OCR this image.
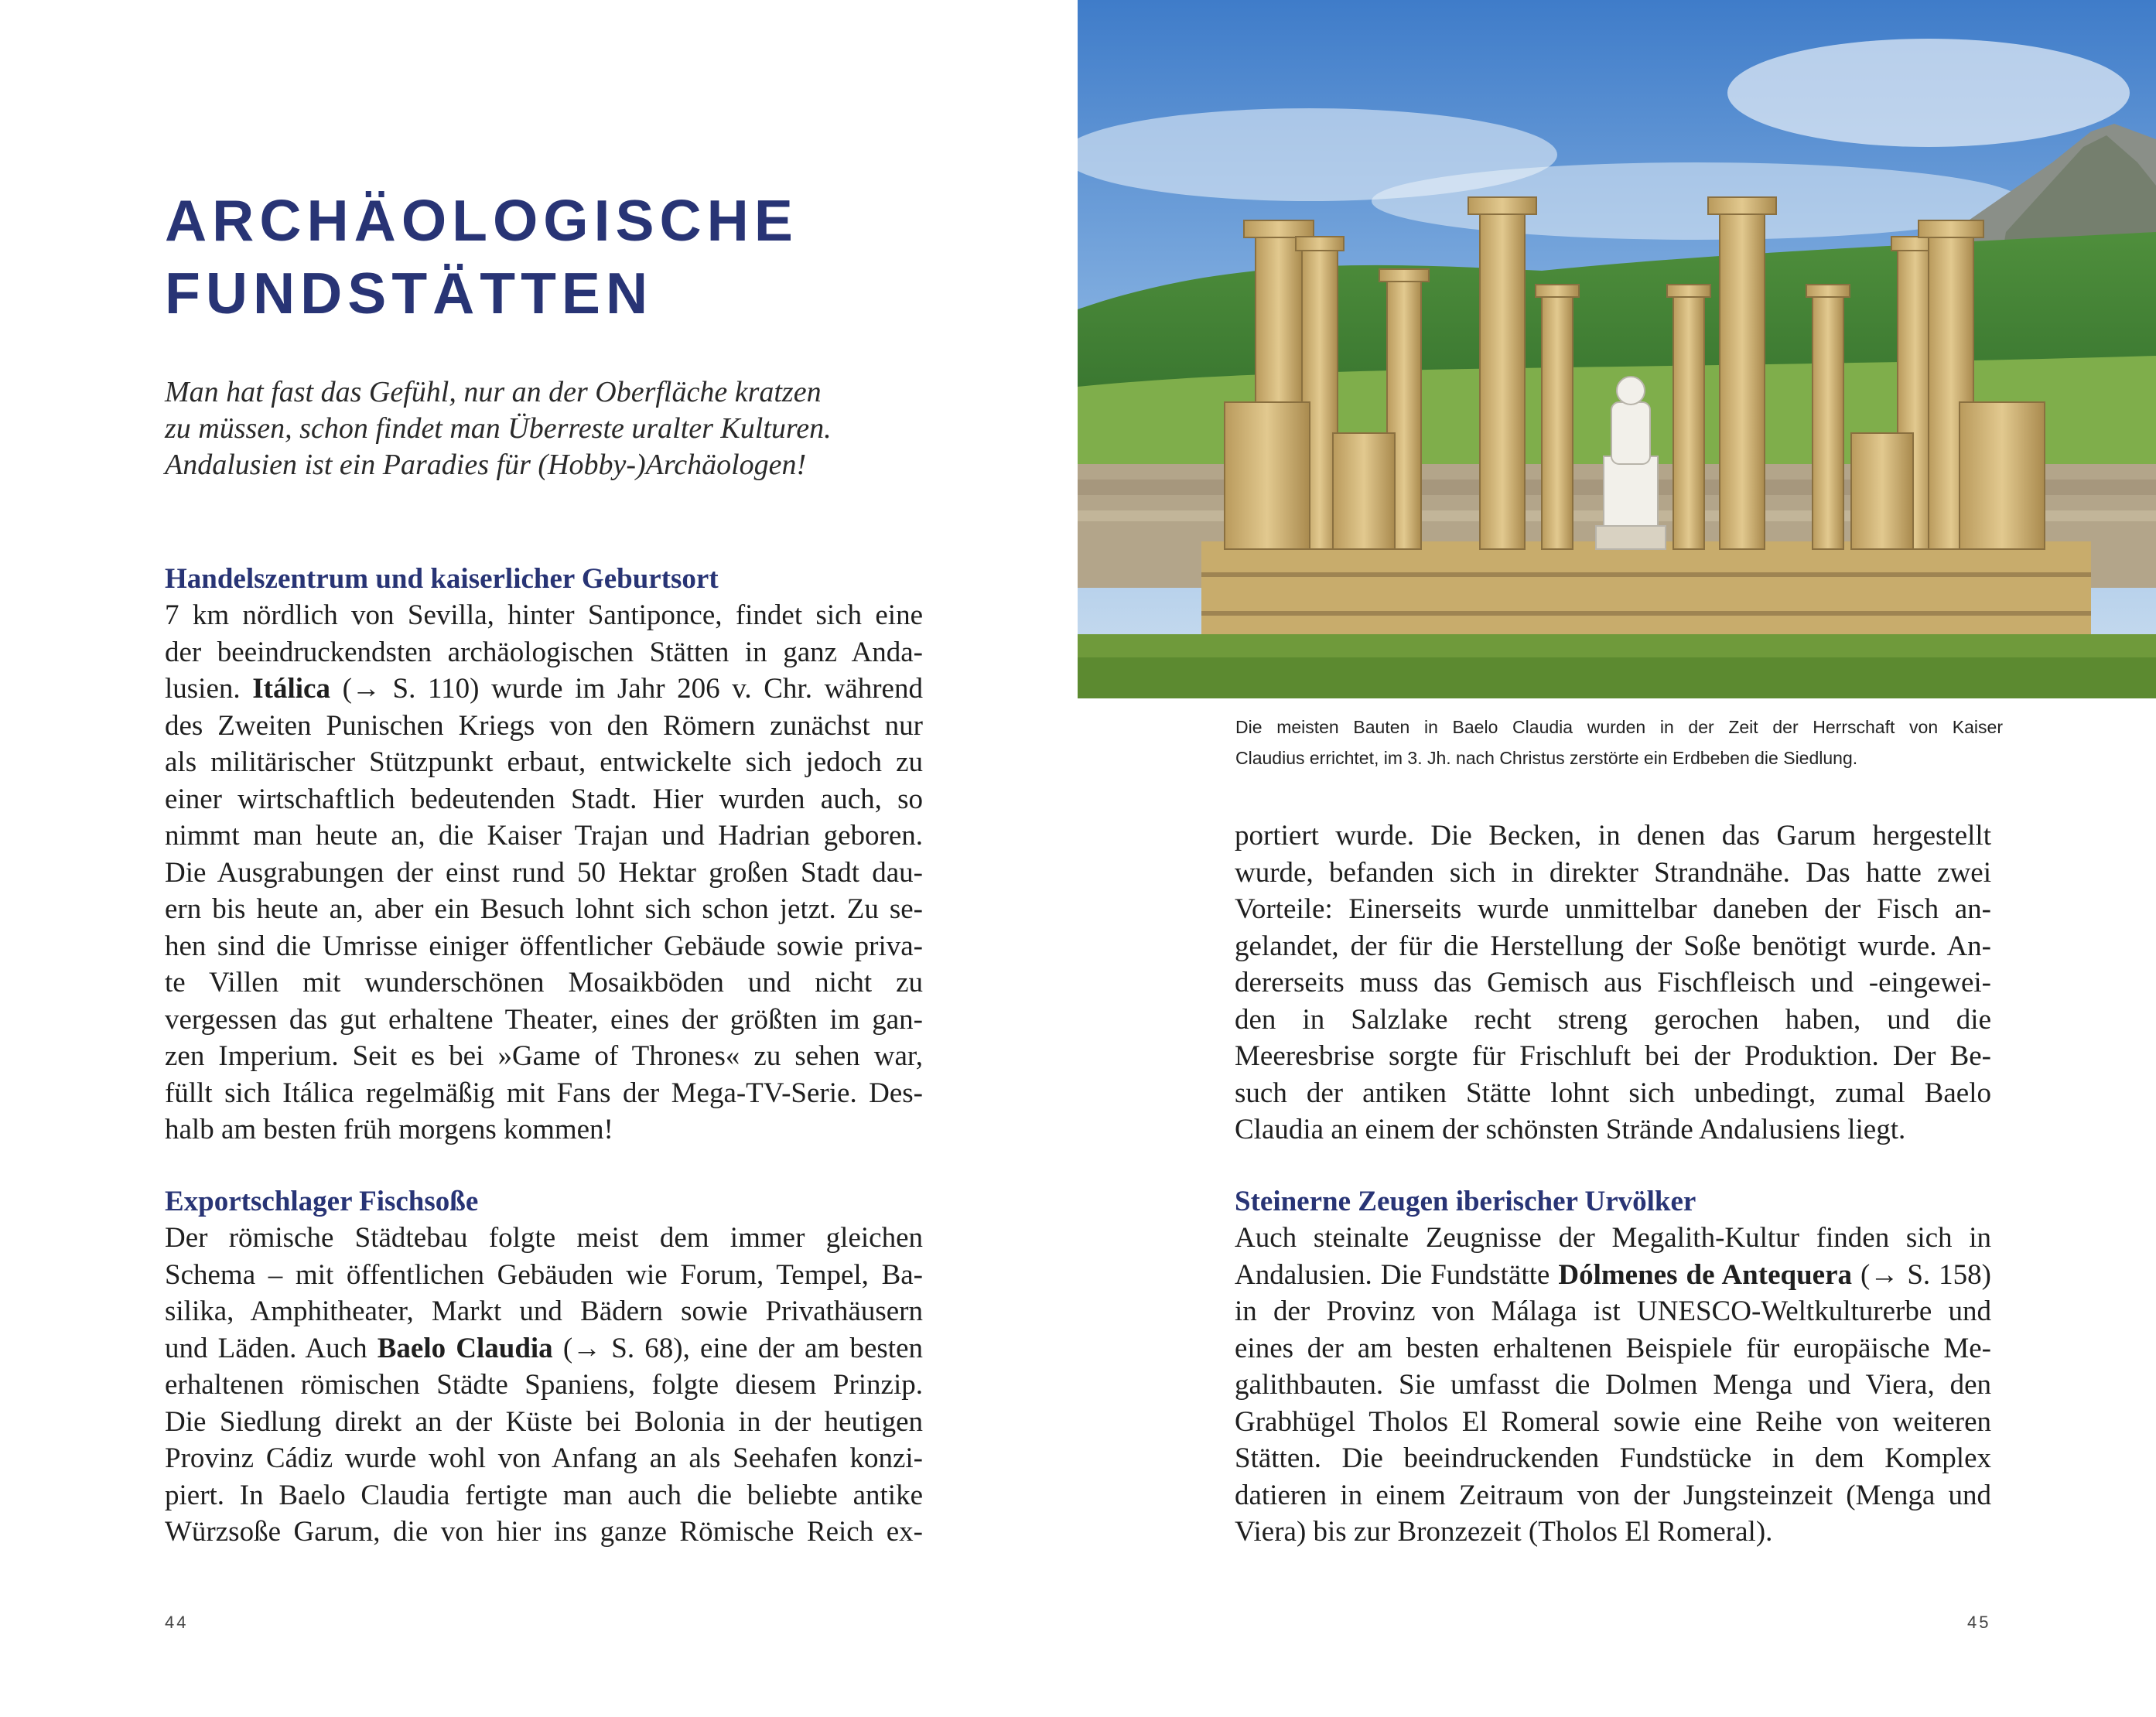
ARCHÄOLOGISCHE
FUNDSTÄTTEN
Man hat fast das Gefühl, nur an der Oberfläche kratzen
zu müssen, schon findet man Überreste uralter Kulturen.
Andalusien ist ein Paradies für (Hobby-)Archäologen!
Handelszentrum und kaiserlicher Geburtsort
7 km nördlich von Sevilla, hinter Santiponce, findet sich eine
der beeindruckendsten archäologischen Stätten in ganz Anda-
lusien. Itálica (→ S. 110) wurde im Jahr 206 v. Chr. während
des Zweiten Punischen Kriegs von den Römern zunächst nur
als militärischer Stützpunkt erbaut, entwickelte sich jedoch zu
einer wirtschaftlich bedeutenden Stadt. Hier wurden auch, so
nimmt man heute an, die Kaiser Trajan und Hadrian geboren.
Die Ausgrabungen der einst rund 50 Hektar großen Stadt dau-
ern bis heute an, aber ein Besuch lohnt sich schon jetzt. Zu se-
hen sind die Umrisse einiger öffentlicher Gebäude sowie priva-
te Villen mit wunderschönen Mosaikböden und nicht zu
vergessen das gut erhaltene Theater, eines der größten im gan-
zen Imperium. Seit es bei »Game of Thrones« zu sehen war,
füllt sich Itálica regelmäßig mit Fans der Mega-TV-Serie. Des-
halb am besten früh morgens kommen!
Exportschlager Fischsoße
Der römische Städtebau folgte meist dem immer gleichen
Schema – mit öffentlichen Gebäuden wie Forum, Tempel, Ba-
silika, Amphitheater, Markt und Bädern sowie Privathäusern
und Läden. Auch Baelo Claudia (→ S. 68), eine der am besten
erhaltenen römischen Städte Spaniens, folgte diesem Prinzip.
Die Siedlung direkt an der Küste bei Bolonia in der heutigen
Provinz Cádiz wurde wohl von Anfang an als Seehafen konzi-
piert. In Baelo Claudia fertigte man auch die beliebte antike
Würzsoße Garum, die von hier ins ganze Römische Reich ex-
44
Die meisten Bauten in Baelo Claudia wurden in der Zeit der Herrschaft von Kaiser
Claudius errichtet, im 3. Jh. nach Christus zerstörte ein Erdbeben die Siedlung.
portiert wurde. Die Becken, in denen das Garum hergestellt
wurde, befanden sich in direkter Strandnähe. Das hatte zwei
Vorteile: Einerseits wurde unmittelbar daneben der Fisch an-
gelandet, der für die Herstellung der Soße benötigt wurde. An-
dererseits muss das Gemisch aus Fischfleisch und -eingewei-
den in Salzlake recht streng gerochen haben, und die
Meeresbrise sorgte für Frischluft bei der Produktion. Der Be-
such der antiken Stätte lohnt sich unbedingt, zumal Baelo
Claudia an einem der schönsten Strände Andalusiens liegt.
Steinerne Zeugen iberischer Urvölker
Auch steinalte Zeugnisse der Megalith-Kultur finden sich in
Andalusien. Die Fundstätte Dólmenes de Antequera (→ S. 158)
in der Provinz von Málaga ist UNESCO-Weltkulturerbe und
eines der am besten erhaltenen Beispiele für europäische Me-
galithbauten. Sie umfasst die Dolmen Menga und Viera, den
Grabhügel Tholos El Romeral sowie eine Reihe von weiteren
Stätten. Die beeindruckenden Fundstücke in dem Komplex
datieren in einem Zeitraum von der Jungsteinzeit (Menga und
Viera) bis zur Bronzezeit (Tholos El Romeral).
45
